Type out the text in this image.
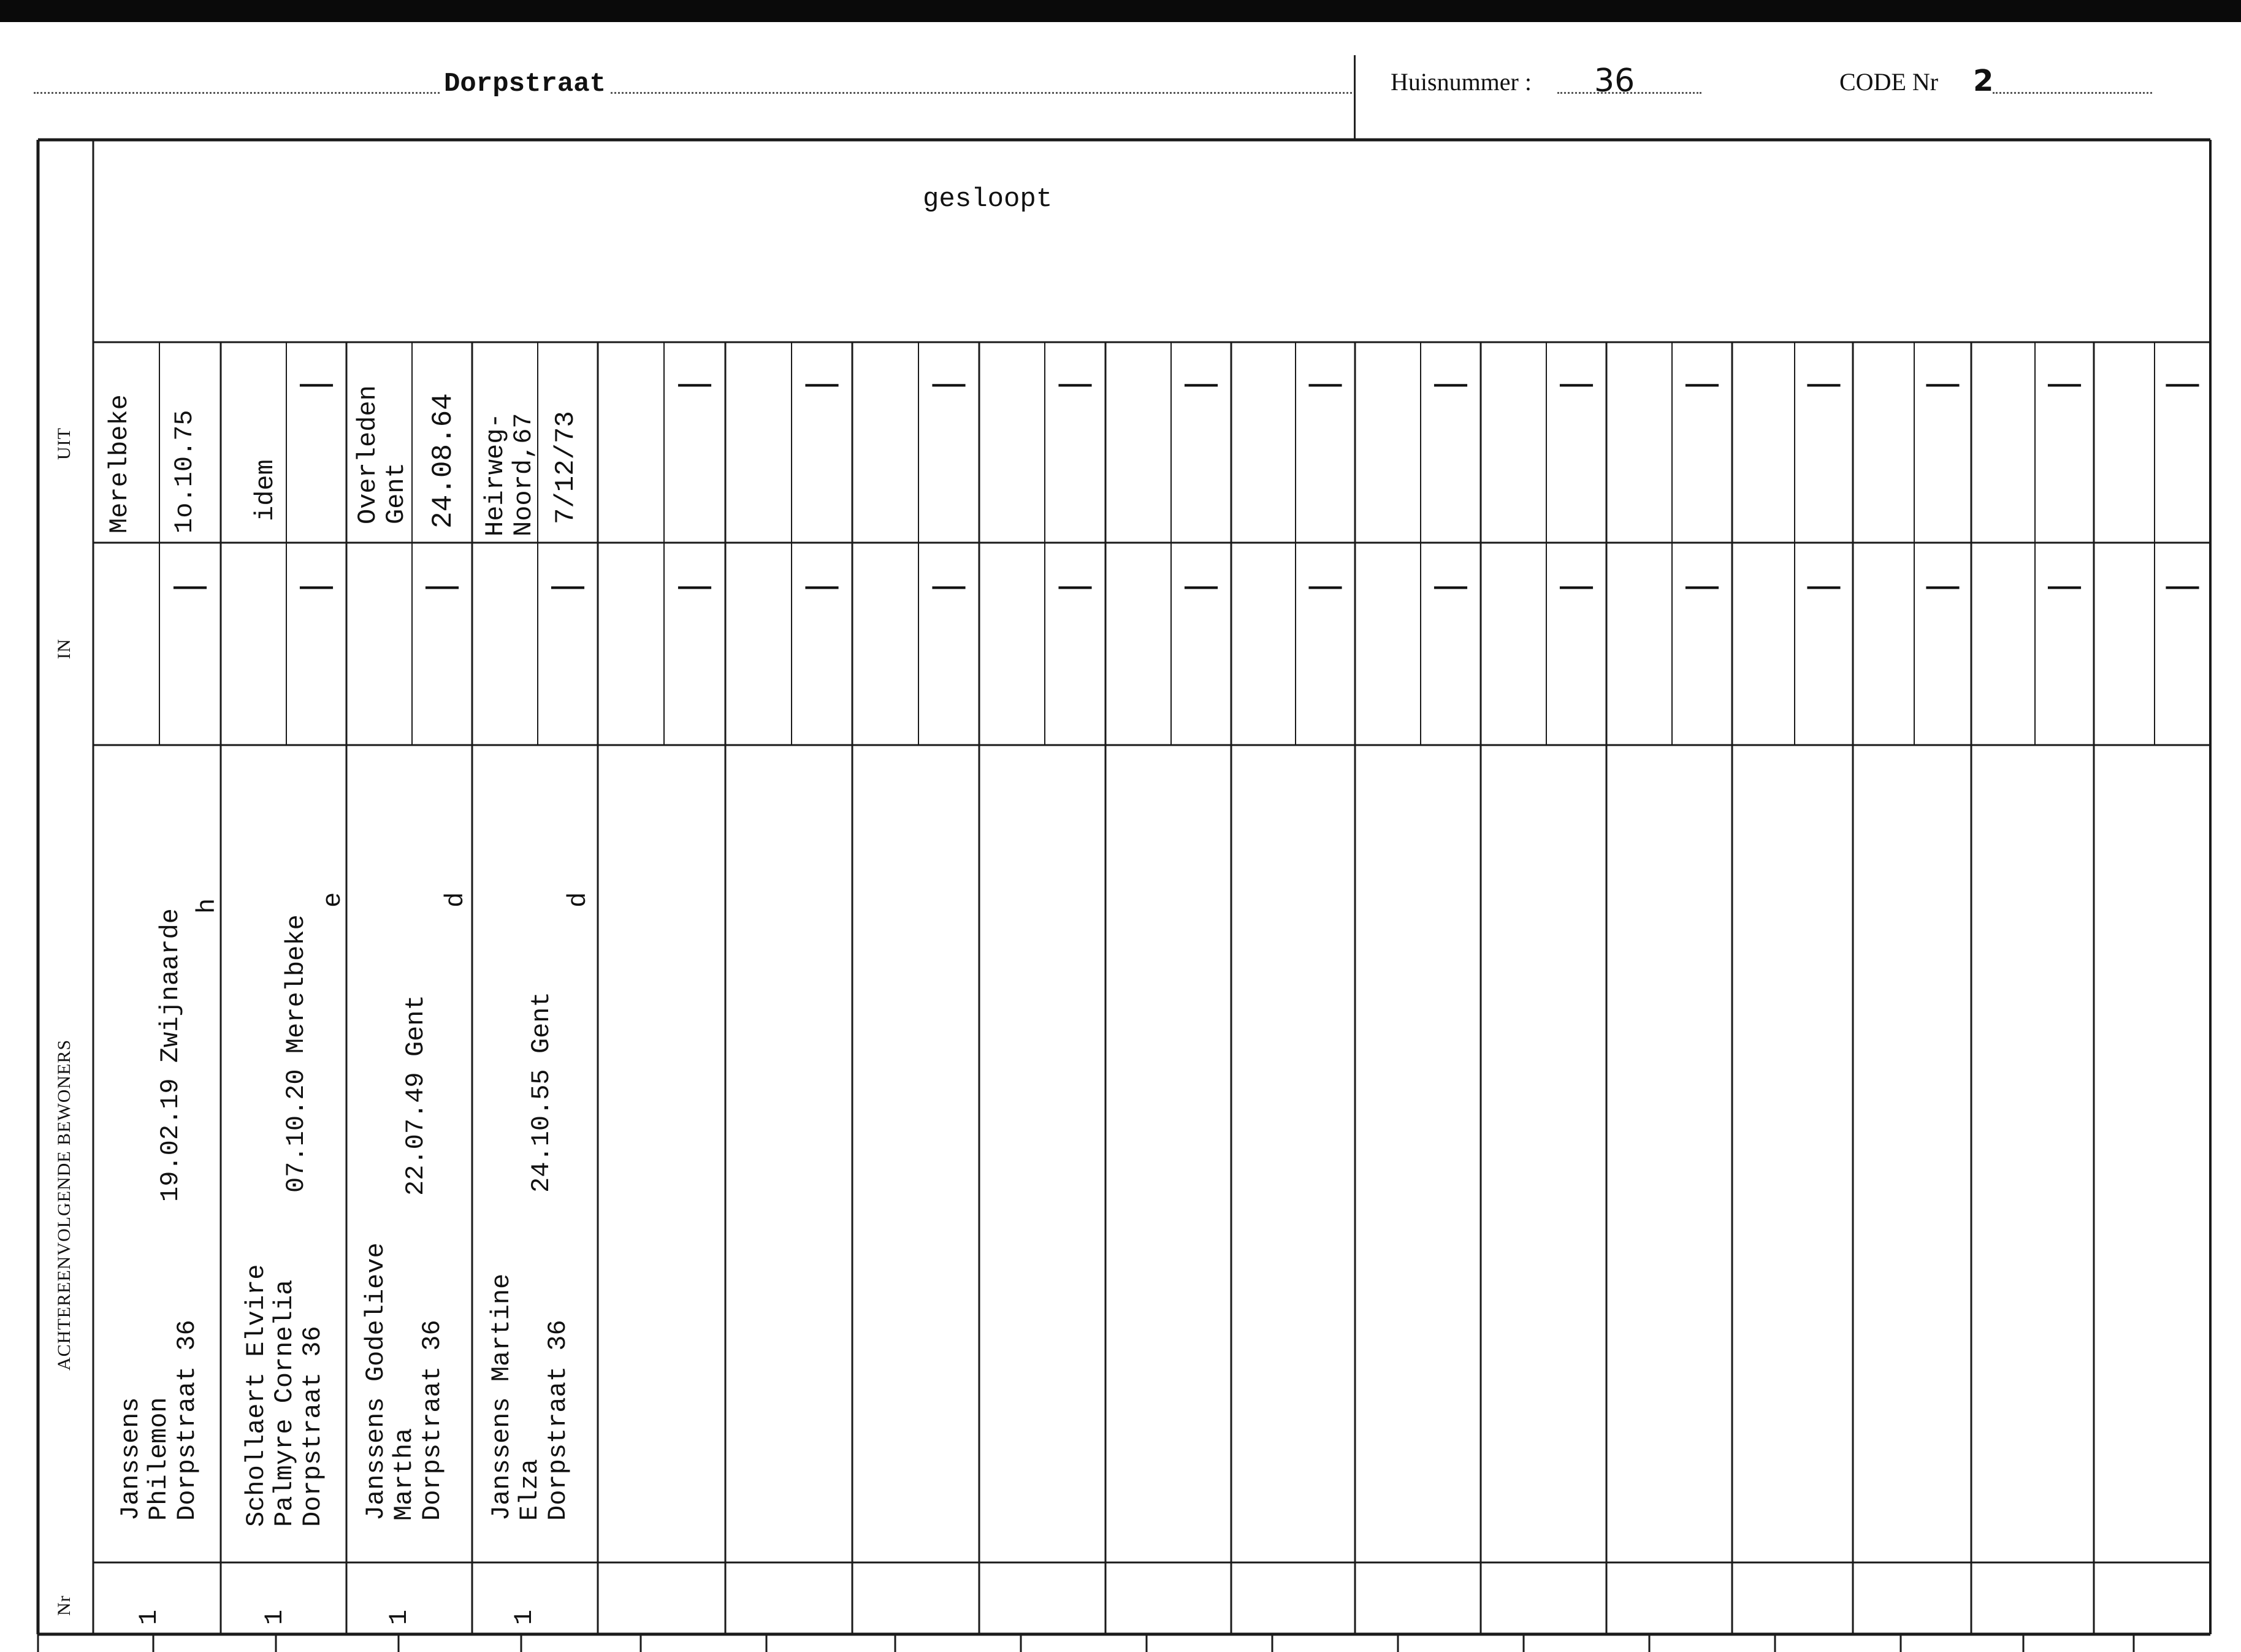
Dorpstraat	Huisnummer : 36	CODE Nr 2
gesloopt
UIT
IN
ACHTEREENVOLGENDE BEWONERS
Nr
Janssens
Philemon
Dorpstraat 36
19.02.19 Zwijnaarde
h
1
Merelbeke 1o.10.75
Schollaert Elvire
Palmyre Cornelia
Dorpstraat 36
07.10.20 Merelbeke
e
1
idem
Janssens Godelieve
Martha
Dorpstraat 36
22.07.49 Gent
d
1
Overleden
Gent 24.08.64
Janssens Martine
Elza
Dorpstraat 36
24.10.55 Gent
d
1
Heirweg-
Noord,67 7/12/73
—
—
— — —
—
—
—
—
—
—
—
—
—
—
—
—
—
—
—
—
—
—
—
—
—
—
—
—
—
—
